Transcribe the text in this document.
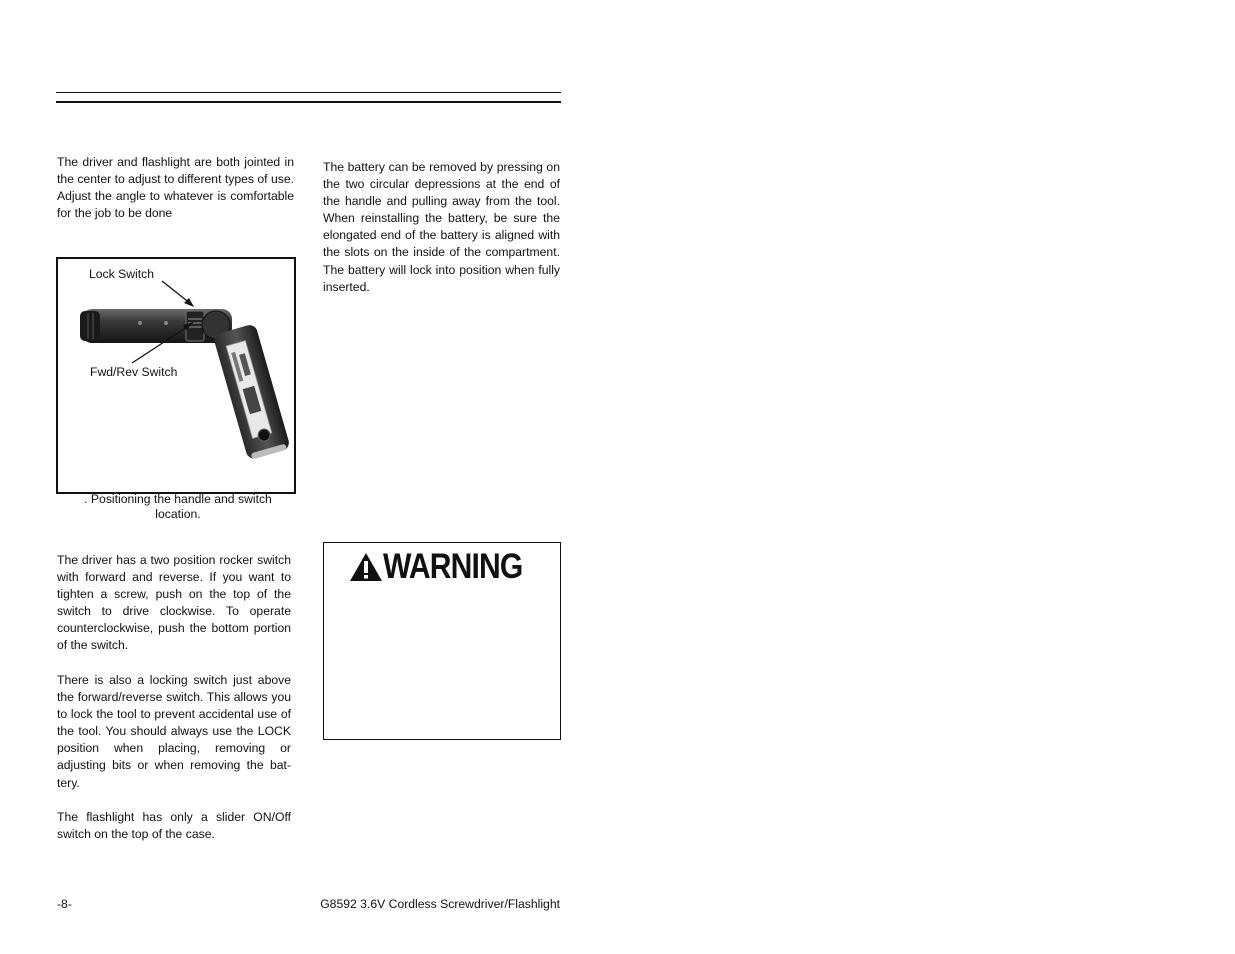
The driver and flashlight are both jointed in the center to adjust to different types of use. Adjust the angle to whatever is comfortable for the job to be done

Lock Switch

Fwd/Rev Switch

. Positioning the handle and switch location.

The driver has a two position rocker switch with forward and reverse. If you want to tighten a screw, push on the top of the switch to drive clockwise. To operate counterclockwise, push the bottom portion of the switch.

There is also a locking switch just above the forward/reverse switch. This allows you to lock the tool to prevent accidental use of the tool. You should always use the LOCK position when placing, removing or adjusting bits or when removing the battery.

The flashlight has only a slider ON/Off switch on the top of the case.

The battery can be removed by pressing on the two circular depressions at the end of the handle and pulling away from the tool. When reinstalling the battery, be sure the elongated end of the battery is aligned with the slots on the inside of the compartment. The battery will lock into position when fully inserted.

WARNING

-8-	G8592 3.6V Cordless Screwdriver/Flashlight
